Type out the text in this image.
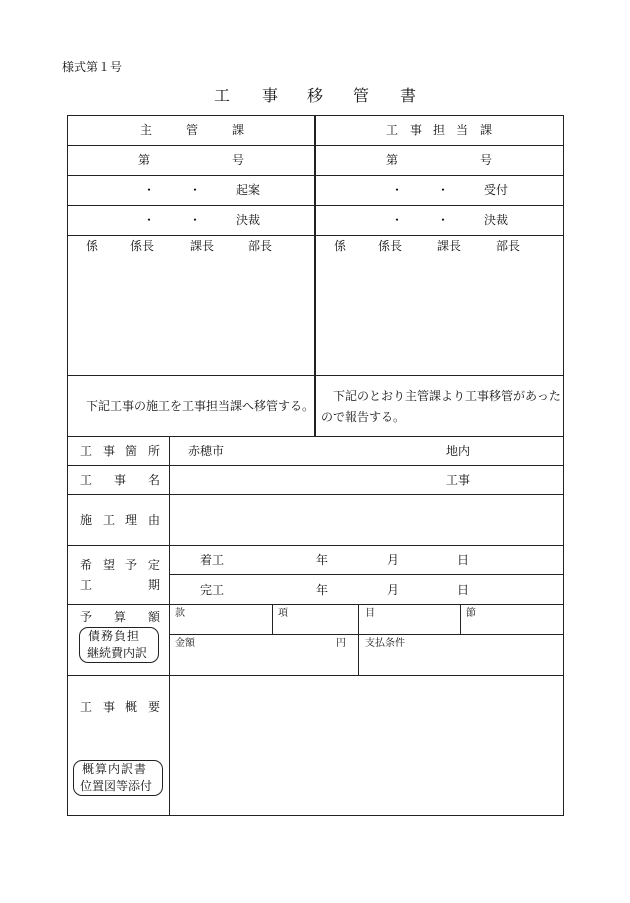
様式第１号
工 事 移 管 書
主	管	課
第	号
・	・	起案
・	・	決裁
係	係長	課長	部長
下記工事の施工を工事担当課へ移管する。
工 事 担 当 課
第	号
・	・	受付
・	・	決裁
係	係長	課長	部長
下記のとおり主管課より工事移管があった
ので報告する。
工 事 箇 所 赤穂市	地内
工 事 名	工事
施 工 理 由
希 望 予 定
工	期
着工	年	月	日
完工	年	月	日
予 算 額
債務負担
継続費内訳
款	項	目	節
金額	円 支払条件
工 事 概 要
概算内訳書
位置図等添付
